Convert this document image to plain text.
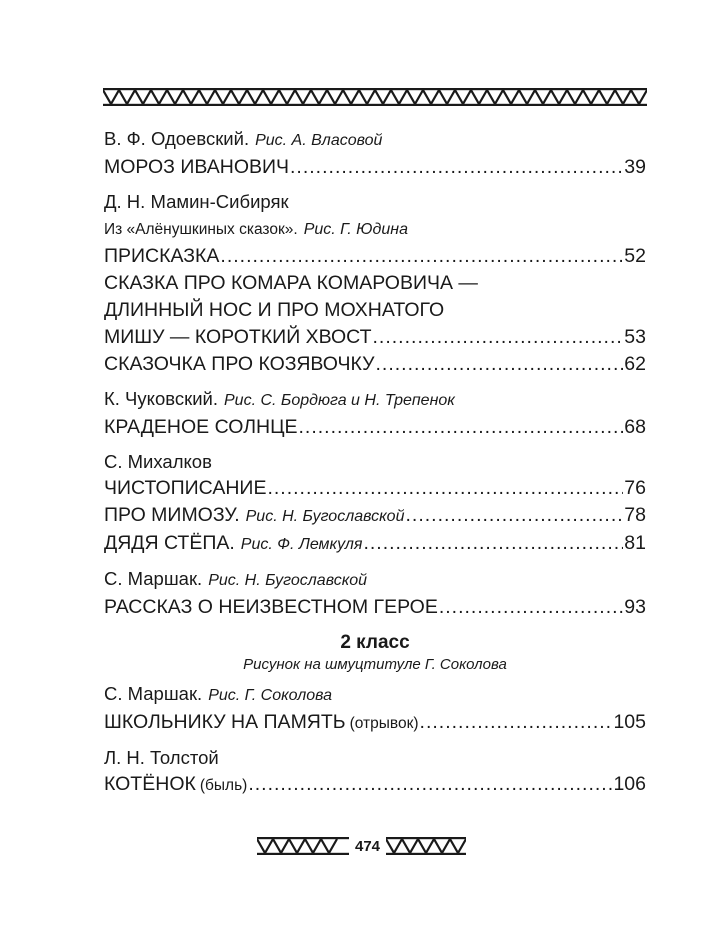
В. Ф. Одоевский. Рис. А. Власовой
МОРОЗ ИВАНОВИЧ .....	39
Д. Н. Мамин-Сибиряк
Из «Алёнушкиных сказок». Рис. Г. Юдина
ПРИСКАЗКА .....	52
СКАЗКА ПРО КОМАРА КОМАРОВИЧА —
ДЛИННЫЙ НОС И ПРО МОХНАТОГО
МИШУ — КОРОТКИЙ ХВОСТ .....	53
СКАЗОЧКА ПРО КОЗЯВОЧКУ .....	62
К. Чуковский. Рис. С. Бордюга и Н. Трепенок
КРАДЕНОЕ СОЛНЦЕ .....	68
С. Михалков
ЧИСТОПИСАНИЕ .....	76
ПРО МИМОЗУ. Рис. Н. Бугославской .....	78
ДЯДЯ СТЁПА. Рис. Ф. Лемкуля .....	81
С. Маршак. Рис. Н. Бугославской
РАССКАЗ О НЕИЗВЕСТНОМ ГЕРОЕ .....	93
2 класс
Рисунок на шмуцтитуле Г. Соколова
С. Маршак. Рис. Г. Соколова
ШКОЛЬНИКУ НА ПАМЯТЬ (отрывок) .....	105
Л. Н. Толстой
КОТЁНОК (быль) .....	106
474
